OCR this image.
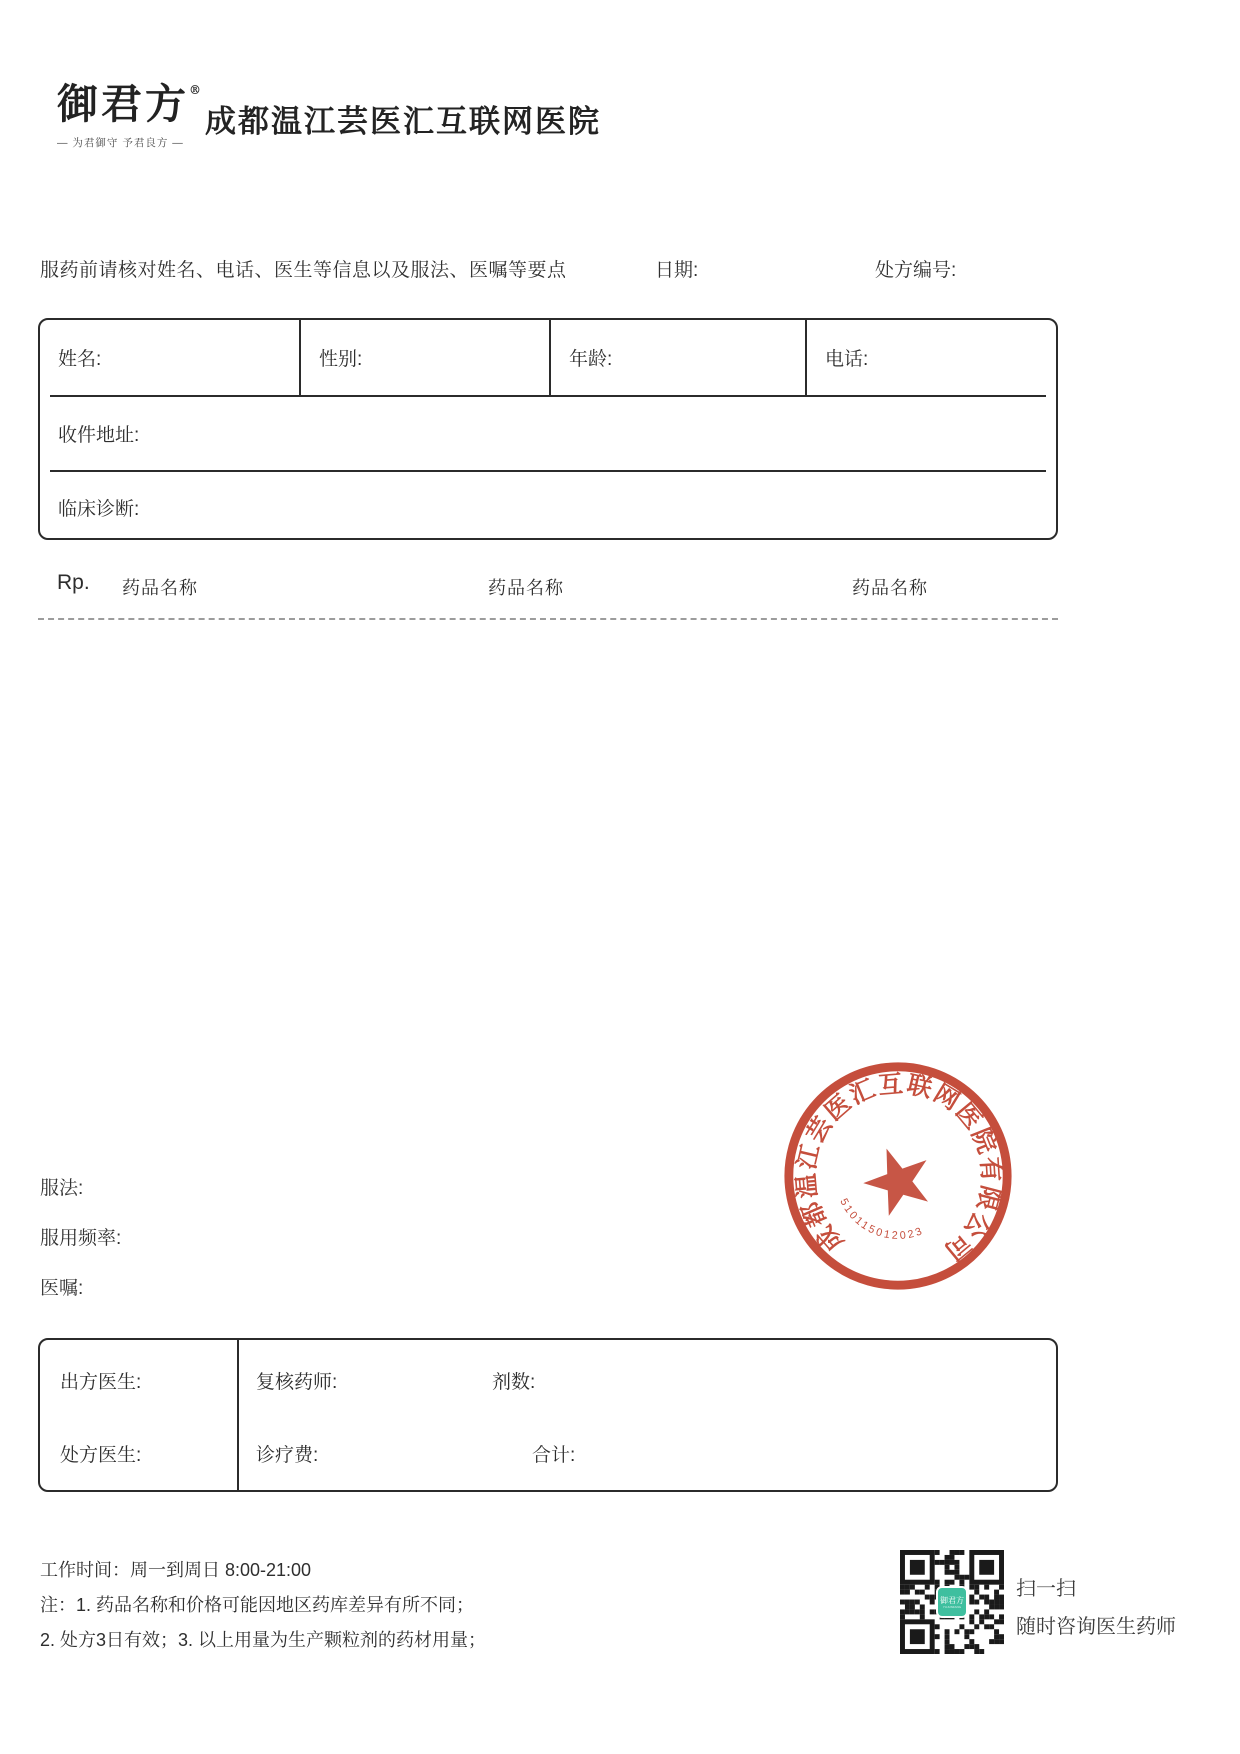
御君方®
— 为君御守 予君良方 —
成都温江芸医汇互联网医院
服药前请核对姓名、电话、医生等信息以及服法、医嘱等要点	日期:	处方编号:
姓名:	性别:	年龄:	电话:
收件地址:
临床诊断:
Rp. 药品名称	药品名称	药品名称
服法:
服用频率:
医嘱:
成都温江芸医汇互联网医院有限公司
510115012023
出方医生:	复核药师:	剂数:
处方医生:	诊疗费:	合计:
工作时间：周一到周日 8:00-21:00
注：1. 药品名称和价格可能因地区药库差异有所不同；
2. 处方3日有效；3. 以上用量为生产颗粒剂的药材用量；
御君方
YUJUNFANG
扫一扫
随时咨询医生药师
